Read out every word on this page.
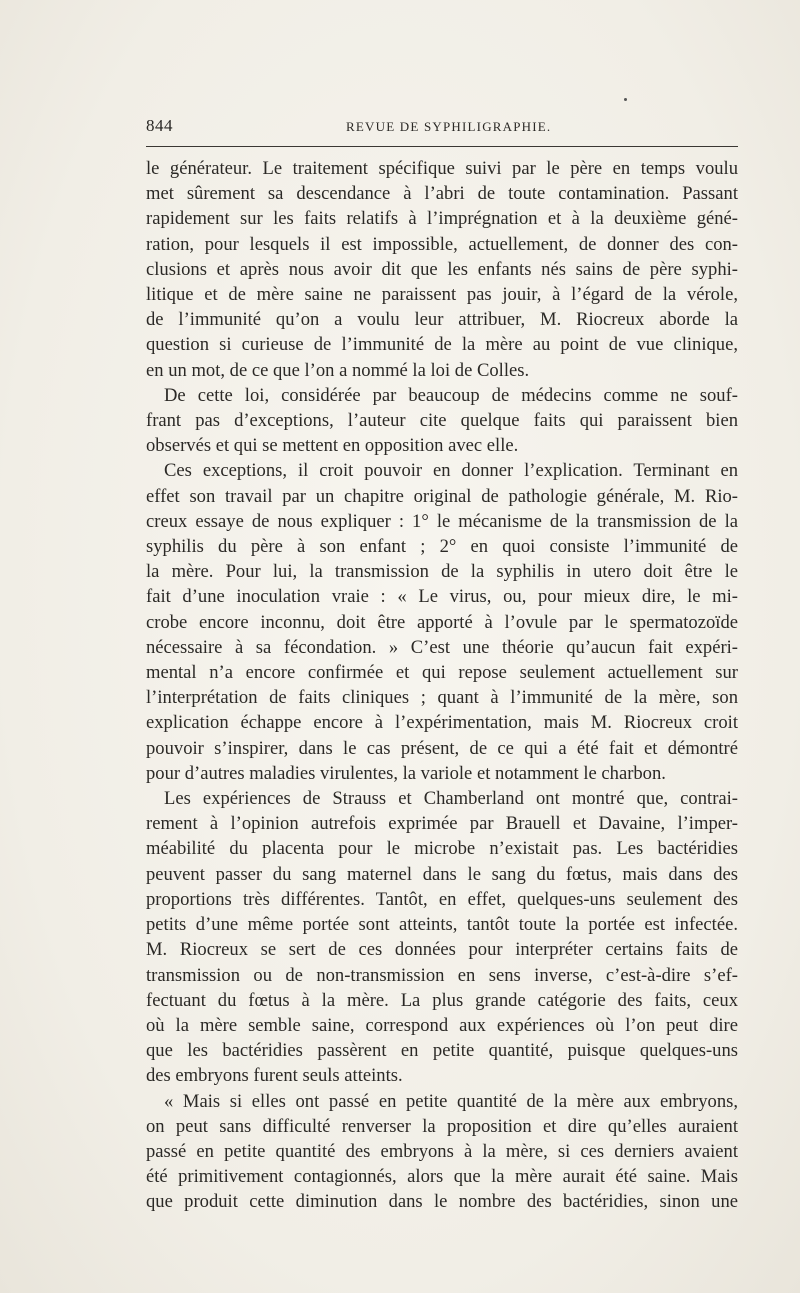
844	REVUE DE SYPHILIGRAPHIE.
le générateur. Le traitement spécifique suivi par le père en temps voulu
met sûrement sa descendance à l’abri de toute contamination. Passant
rapidement sur les faits relatifs à l’imprégnation et à la deuxième géné-
ration, pour lesquels il est impossible, actuellement, de donner des con-
clusions et après nous avoir dit que les enfants nés sains de père syphi-
litique et de mère saine ne paraissent pas jouir, à l’égard de la vérole,
de l’immunité qu’on a voulu leur attribuer, M. Riocreux aborde la
question si curieuse de l’immunité de la mère au point de vue clinique,
en un mot, de ce que l’on a nommé la loi de Colles.
De cette loi, considérée par beaucoup de médecins comme ne souf-
frant pas d’exceptions, l’auteur cite quelque faits qui paraissent bien
observés et qui se mettent en opposition avec elle.
Ces exceptions, il croit pouvoir en donner l’explication. Terminant en
effet son travail par un chapitre original de pathologie générale, M. Rio-
creux essaye de nous expliquer : 1° le mécanisme de la transmission de la
syphilis du père à son enfant ; 2° en quoi consiste l’immunité de
la mère. Pour lui, la transmission de la syphilis in utero doit être le
fait d’une inoculation vraie : « Le virus, ou, pour mieux dire, le mi-
crobe encore inconnu, doit être apporté à l’ovule par le spermatozoïde
nécessaire à sa fécondation. » C’est une théorie qu’aucun fait expéri-
mental n’a encore confirmée et qui repose seulement actuellement sur
l’interprétation de faits cliniques ; quant à l’immunité de la mère, son
explication échappe encore à l’expérimentation, mais M. Riocreux croit
pouvoir s’inspirer, dans le cas présent, de ce qui a été fait et démontré
pour d’autres maladies virulentes, la variole et notamment le charbon.
Les expériences de Strauss et Chamberland ont montré que, contrai-
rement à l’opinion autrefois exprimée par Brauell et Davaine, l’imper-
méabilité du placenta pour le microbe n’existait pas. Les bactéridies
peuvent passer du sang maternel dans le sang du fœtus, mais dans des
proportions très différentes. Tantôt, en effet, quelques-uns seulement des
petits d’une même portée sont atteints, tantôt toute la portée est infectée.
M. Riocreux se sert de ces données pour interpréter certains faits de
transmission ou de non-transmission en sens inverse, c’est-à-dire s’ef-
fectuant du fœtus à la mère. La plus grande catégorie des faits, ceux
où la mère semble saine, correspond aux expériences où l’on peut dire
que les bactéridies passèrent en petite quantité, puisque quelques-uns
des embryons furent seuls atteints.
« Mais si elles ont passé en petite quantité de la mère aux embryons,
on peut sans difficulté renverser la proposition et dire qu’elles auraient
passé en petite quantité des embryons à la mère, si ces derniers avaient
été primitivement contagionnés, alors que la mère aurait été saine. Mais
que produit cette diminution dans le nombre des bactéridies, sinon une
